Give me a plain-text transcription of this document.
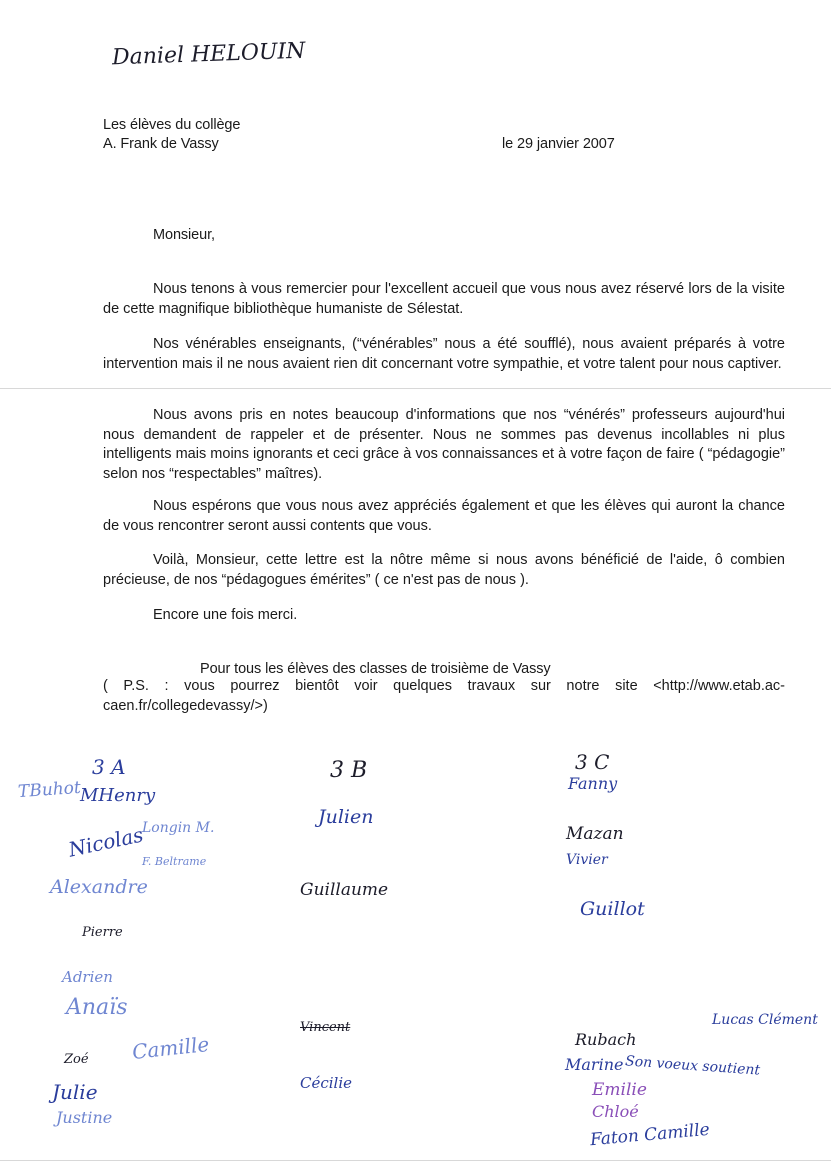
Daniel HELOUIN
Les élèves du collège
A. Frank de Vassy	le 29 janvier 2007
Monsieur,
Nous tenons à vous remercier pour l'excellent accueil que vous nous avez réservé lors de la visite de cette magnifique bibliothèque humaniste de Sélestat.
Nos vénérables enseignants, (“vénérables” nous a été soufflé), nous avaient préparés à votre intervention mais il ne nous avaient rien dit concernant votre sympathie, et votre talent pour nous captiver.
Nous avons pris en notes beaucoup d'informations que nos “vénérés” professeurs aujourd'hui nous demandent de rappeler et de présenter. Nous ne sommes pas devenus incollables ni plus intelligents mais moins ignorants et ceci grâce à vos connaissances et à votre façon de faire ( “pédagogie” selon nos “respectables” maîtres).
Nous espérons que vous nous avez appréciés également et que les élèves qui auront la chance de vous rencontrer seront aussi contents que vous.
Voilà, Monsieur, cette lettre est la nôtre même si nous avons bénéficié de l'aide, ô combien précieuse, de nos “pédagogues émérites” ( ce n'est pas de nous ).
Encore une fois merci.
Pour tous les élèves des classes de troisième de Vassy
( P.S. : vous pourrez bientôt voir quelques travaux sur notre site <http://www.etab.ac-caen.fr/collegedevassy/>)
3 A
TBuhot
MHenry
Nicolas
Longin M.
F. Beltrame
Alexandre
Pierre
Adrien
Anaïs
Camille
Zoé
Julie
Justine
3 B
Julien
Guillaume
Vincent
Cécilie
3 C
Fanny
Mazan
Vivier
Guillot
Lucas Clément
Rubach
Marine Son voeux soutient
Emilie
Chloé
Faton Camille
